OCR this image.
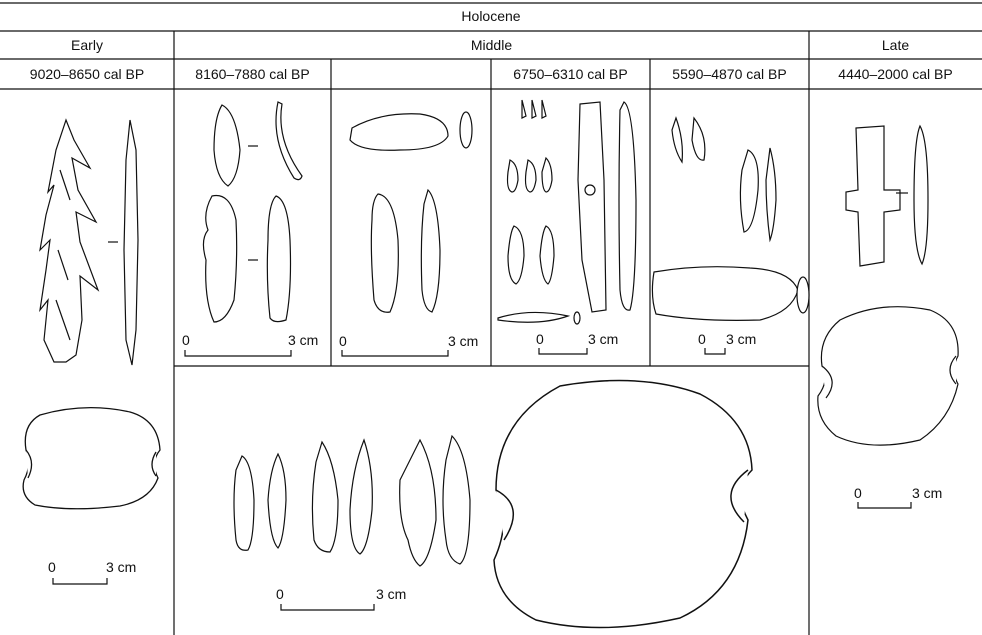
Holocene
Early	Middle	Late
9020–8650 cal BP	8160–7880 cal BP	6750–6310 cal BP	5590–4870 cal BP	4440–2000 cal BP
0	3 cm 0	3 cm	0	3 cm	0 3 cm
0	3 cm
0	3 cm
0	3 cm
